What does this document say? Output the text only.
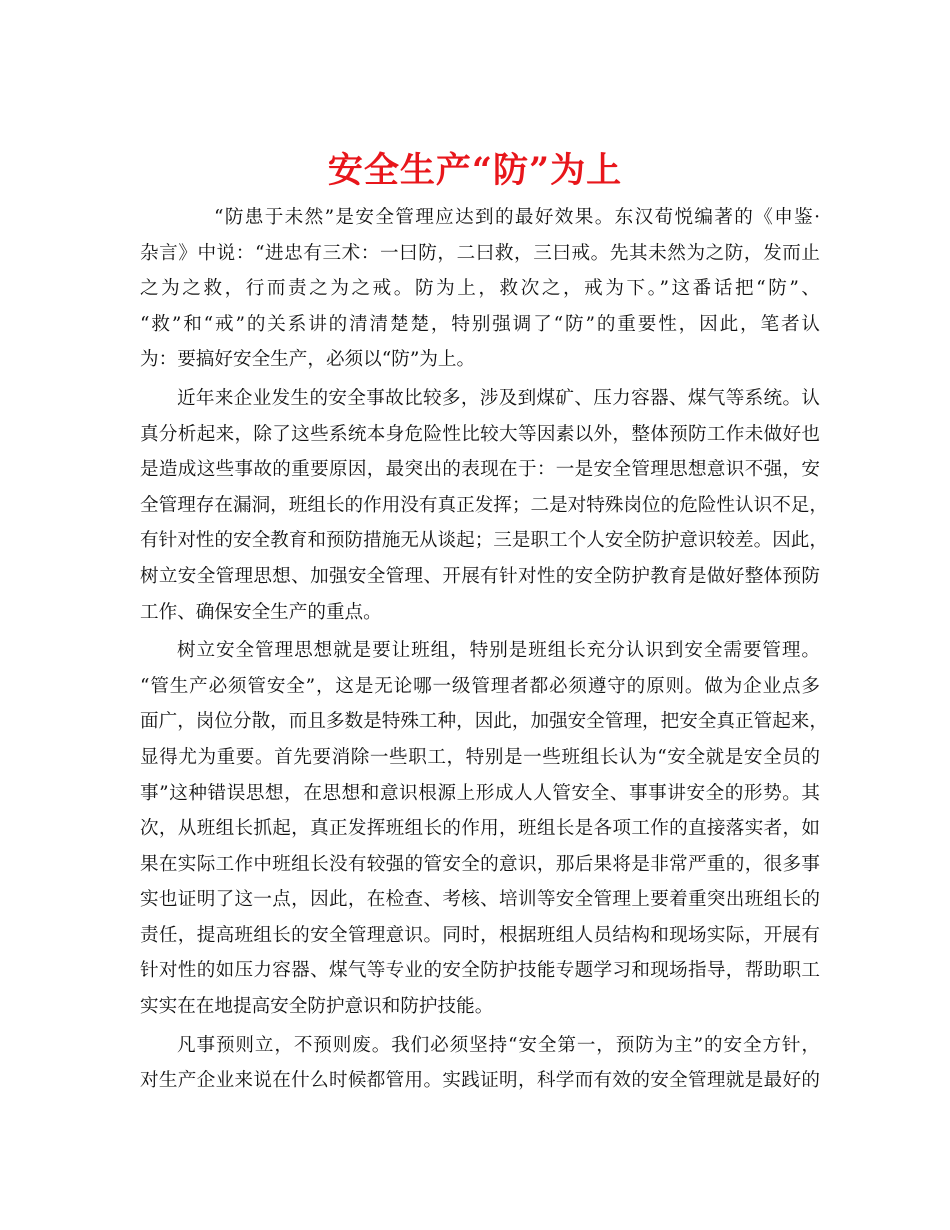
安全生产“防”为上
“防患于未然”是安全管理应达到的最好效果。东汉荀悦编著的《申鉴·
杂言》中说：“进忠有三术：一曰防，二曰救，三曰戒。先其未然为之防，发而止
之为之救，行而责之为之戒。防为上，救次之，戒为下。”这番话把“防”、
“救”和“戒”的关系讲的清清楚楚，特别强调了“防”的重要性，因此，笔者认
为：要搞好安全生产，必须以“防”为上。
近年来企业发生的安全事故比较多，涉及到煤矿、压力容器、煤气等系统。认
真分析起来，除了这些系统本身危险性比较大等因素以外，整体预防工作未做好也
是造成这些事故的重要原因，最突出的表现在于：一是安全管理思想意识不强，安
全管理存在漏洞，班组长的作用没有真正发挥；二是对特殊岗位的危险性认识不足，
有针对性的安全教育和预防措施无从谈起；三是职工个人安全防护意识较差。因此，
树立安全管理思想、加强安全管理、开展有针对性的安全防护教育是做好整体预防
工作、确保安全生产的重点。
树立安全管理思想就是要让班组，特别是班组长充分认识到安全需要管理。
“管生产必须管安全”，这是无论哪一级管理者都必须遵守的原则。做为企业点多
面广，岗位分散，而且多数是特殊工种，因此，加强安全管理，把安全真正管起来，
显得尤为重要。首先要消除一些职工，特别是一些班组长认为“安全就是安全员的
事”这种错误思想，在思想和意识根源上形成人人管安全、事事讲安全的形势。其
次，从班组长抓起，真正发挥班组长的作用，班组长是各项工作的直接落实者，如
果在实际工作中班组长没有较强的管安全的意识，那后果将是非常严重的，很多事
实也证明了这一点，因此，在检查、考核、培训等安全管理上要着重突出班组长的
责任，提高班组长的安全管理意识。同时，根据班组人员结构和现场实际，开展有
针对性的如压力容器、煤气等专业的安全防护技能专题学习和现场指导，帮助职工
实实在在地提高安全防护意识和防护技能。
凡事预则立，不预则废。我们必须坚持“安全第一，预防为主”的安全方针，
对生产企业来说在什么时候都管用。实践证明，科学而有效的安全管理就是最好的
